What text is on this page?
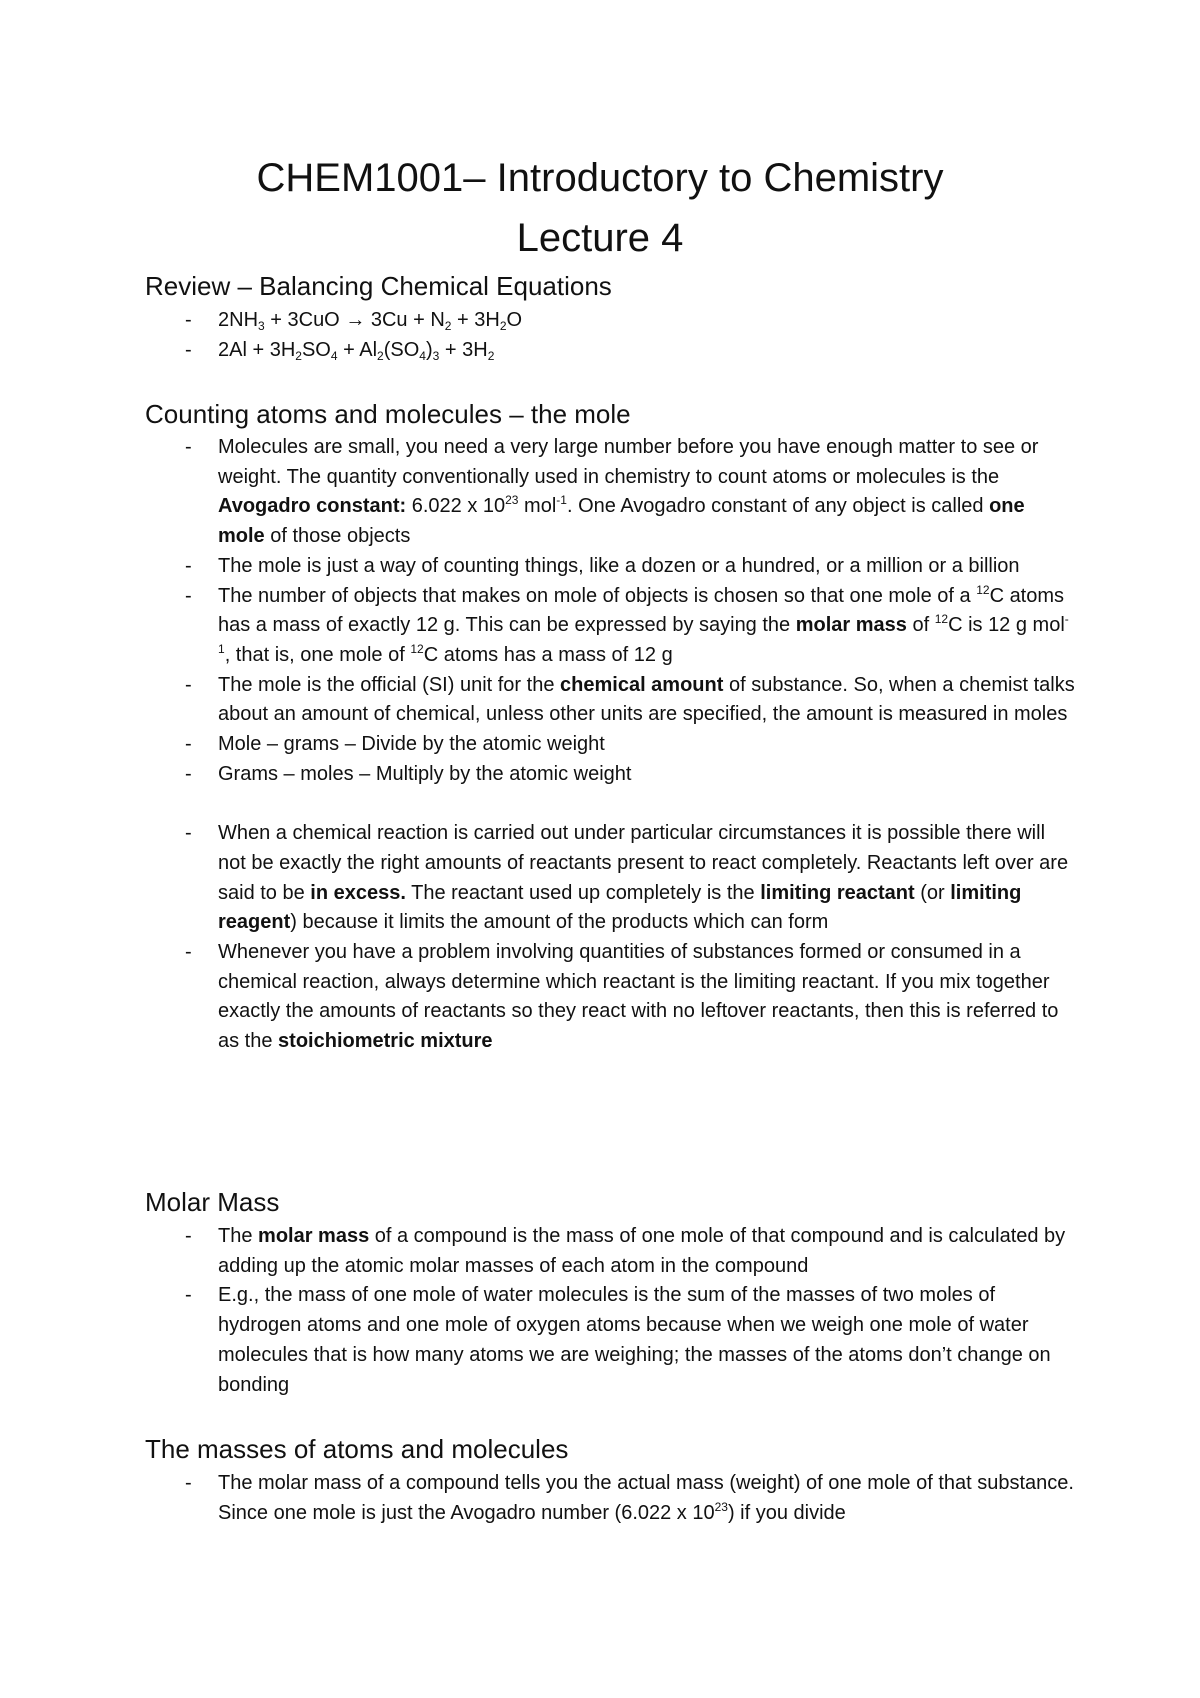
CHEM1001– Introductory to Chemistry
Lecture 4
Review – Balancing Chemical Equations
- $2NH_3 + 3CuO \to 3Cu + N_2 + 3H_2O$
- $2Al + 3H_2SO_4 + Al_2(SO_4)_3 + 3H_2$
Counting atoms and molecules – the mole
- Molecules are small, you need a very large number before you have enough matter to see or weight. The quantity conventionally used in chemistry to count atoms or molecules is the Avogadro constant: 6.022 x $10^{23}$ mol$^{-1}$. One Avogadro constant of any object is called one mole of those objects
- The mole is just a way of counting things, like a dozen or a hundred, or a million or a billion
- The number of objects that makes on mole of objects is chosen so that one mole of a $^{12}$C atoms has a mass of exactly 12 g. This can be expressed by saying the molar mass of $^{12}$C is 12 g mol$^{-1}$, that is, one mole of $^{12}$C atoms has a mass of 12 g
- The mole is the official (SI) unit for the chemical amount of substance. So, when a chemist talks about an amount of chemical, unless other units are specified, the amount is measured in moles
- Mole – grams – Divide by the atomic weight
- Grams – moles – Multiply by the atomic weight
- When a chemical reaction is carried out under particular circumstances it is possible there will not be exactly the right amounts of reactants present to react completely. Reactants left over are said to be in excess. The reactant used up completely is the limiting reactant (or limiting reagent) because it limits the amount of the products which can form
- Whenever you have a problem involving quantities of substances formed or consumed in a chemical reaction, always determine which reactant is the limiting reactant. If you mix together exactly the amounts of reactants so they react with no leftover reactants, then this is referred to as the stoichiometric mixture
Molar Mass
- The molar mass of a compound is the mass of one mole of that compound and is calculated by adding up the atomic molar masses of each atom in the compound
- E.g., the mass of one mole of water molecules is the sum of the masses of two moles of hydrogen atoms and one mole of oxygen atoms because when we weigh one mole of water molecules that is how many atoms we are weighing; the masses of the atoms don’t change on bonding
The masses of atoms and molecules
- The molar mass of a compound tells you the actual mass (weight) of one mole of that substance. Since one mole is just the Avogadro number (6.022 x $10^{23}$) if you divide
